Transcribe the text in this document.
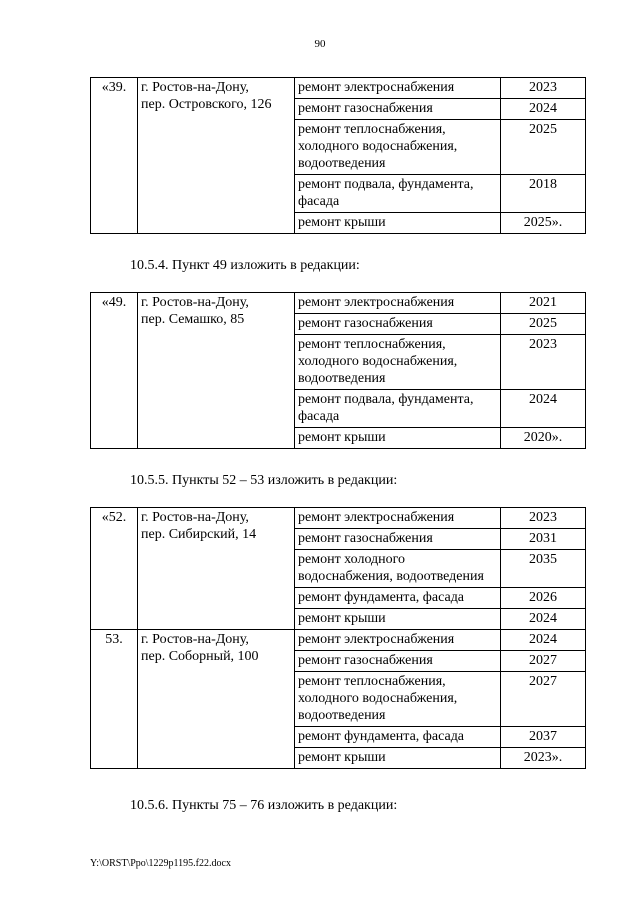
90
«39.	г. Ростов-на-Дону,
пер. Островского, 126	ремонт электроснабжения	2023

		ремонт газоснабжения	2024

		ремонт теплоснабжения,
холодного водоснабжения,
водоотведения	2025

		ремонт подвала, фундамента,
фасада	2018

		ремонт крыши	2025».
10.5.4. Пункт 49 изложить в редакции:
«49.	г. Ростов-на-Дону,
пер. Семашко, 85	ремонт электроснабжения	2021

		ремонт газоснабжения	2025

		ремонт теплоснабжения,
холодного водоснабжения,
водоотведения	2023

		ремонт подвала, фундамента,
фасада	2024

		ремонт крыши	2020».
10.5.5. Пункты 52 – 53 изложить в редакции:
«52.	г. Ростов-на-Дону,
пер. Сибирский, 14	ремонт электроснабжения	2023

		ремонт газоснабжения	2031

		ремонт холодного
водоснабжения, водоотведения	2035

		ремонт фундамента, фасада	2026

		ремонт крыши	2024
53.	г. Ростов-на-Дону,
пер. Соборный, 100	ремонт электроснабжения	2024

		ремонт газоснабжения	2027

		ремонт теплоснабжения,
холодного водоснабжения,
водоотведения	2027

		ремонт фундамента, фасада	2037

		ремонт крыши	2023».
10.5.6. Пункты 75 – 76 изложить в редакции:
Y:\ORST\Ppo\1229p1195.f22.docx
